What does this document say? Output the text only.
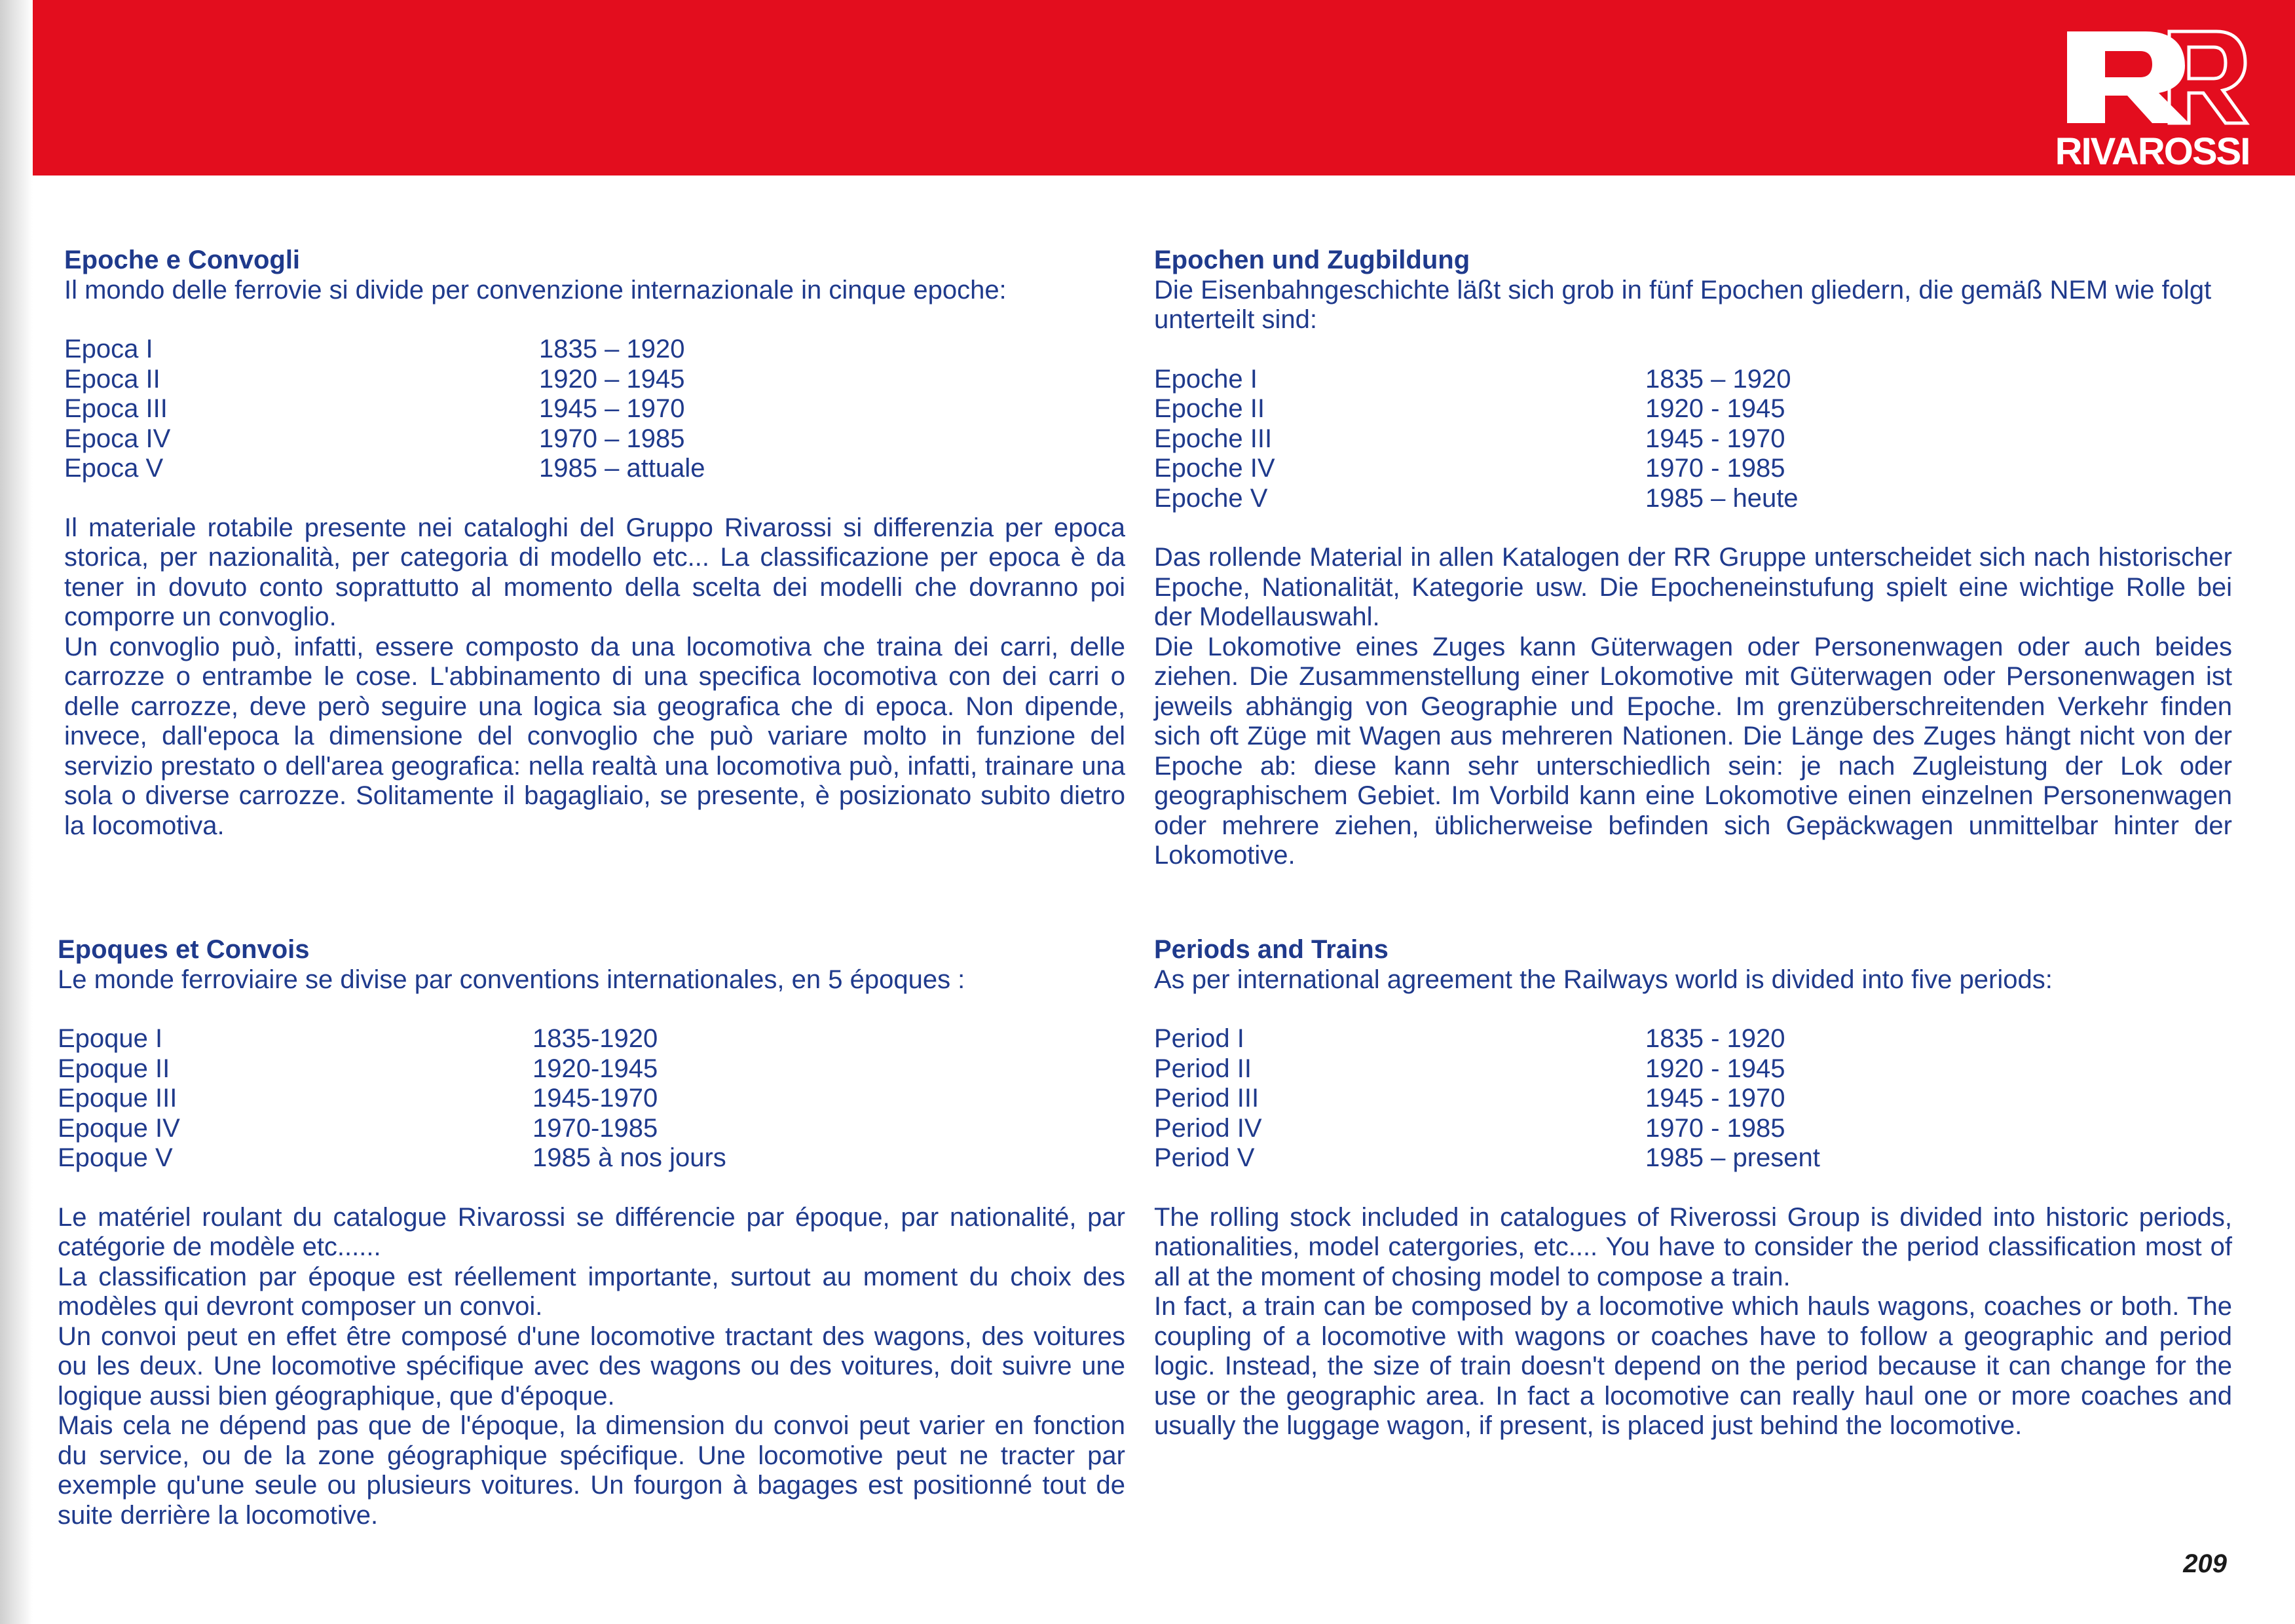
RIVAROSSI

Epoche e Convogli

Il mondo delle ferrovie si divide per convenzione internazionale in cinque epoche:

Epoca I	1835 – 1920
Epoca II	1920 – 1945
Epoca III	1945 – 1970
Epoca IV	1970 – 1985
Epoca V	1985 – attuale

Il materiale rotabile presente nei cataloghi del Gruppo Rivarossi si differenzia per epoca storica, per nazionalità, per categoria di modello etc... La classificazione per epoca è da tener in dovuto conto soprattutto al momento della scelta dei modelli che dovranno poi comporre un convoglio.

Un convoglio può, infatti, essere composto da una locomotiva che traina dei carri, delle carrozze o entrambe le cose. L'abbinamento di una specifica locomotiva con dei carri o delle carrozze, deve però seguire una logica sia geografica che di epoca. Non dipende, invece, dall'epoca la dimensione del convoglio che può variare molto in funzione del servizio prestato o dell'area geografica: nella realtà una locomotiva può, infatti, trainare una sola o diverse carrozze. Solitamente il bagagliaio, se presente, è posizionato subito dietro la locomotiva.

Epochen und Zugbildung

Die Eisenbahngeschichte läßt sich grob in fünf Epochen gliedern, die gemäß NEM wie folgt unterteilt sind:

Epoche I	1835 – 1920
Epoche II	1920 - 1945
Epoche III	1945 - 1970
Epoche IV	1970 - 1985
Epoche V	1985 – heute

Das rollende Material in allen Katalogen der RR Gruppe unterscheidet sich nach historischer Epoche, Nationalität, Kategorie usw. Die Epocheneinstufung spielt eine wichtige Rolle bei der Modellauswahl.

Die Lokomotive eines Zuges kann Güterwagen oder Personenwagen oder auch beides ziehen. Die Zusammenstellung einer Lokomotive mit Güterwagen oder Personenwagen ist jeweils abhängig von Geographie und Epoche. Im grenzüberschreitenden Verkehr finden sich oft Züge mit Wagen aus mehreren Nationen. Die Länge des Zuges hängt nicht von der Epoche ab: diese kann sehr unterschiedlich sein: je nach Zugleistung der Lok oder geographischem Gebiet. Im Vorbild kann eine Lokomotive einen einzelnen Personenwagen oder mehrere ziehen, üblicherweise befinden sich Gepäckwagen unmittelbar hinter der Lokomotive.

Epoques et Convois

Le monde ferroviaire se divise par conventions internationales, en 5 époques :

Epoque I	1835-1920
Epoque II	1920-1945
Epoque III	1945-1970
Epoque IV	1970-1985
Epoque V	1985 à nos jours

Le matériel roulant du catalogue Rivarossi se différencie par époque, par nationalité, par catégorie de modèle etc......

La classification par époque est réellement importante, surtout au moment du choix des modèles qui devront composer un convoi.

Un convoi peut en effet être composé d'une locomotive tractant des wagons, des voitures ou les deux. Une locomotive spécifique avec des wagons ou des voitures, doit suivre une logique aussi bien géographique, que d'époque.

Mais cela ne dépend pas que de l'époque, la dimension du convoi peut varier en fonction du service, ou de la zone géographique spécifique. Une locomotive peut ne tracter par exemple qu'une seule ou plusieurs voitures. Un fourgon à bagages est positionné tout de suite derrière la locomotive.

Periods and Trains

As per international agreement the Railways world is divided into five periods:

Period I	1835 - 1920
Period II	1920 - 1945
Period III	1945 - 1970
Period IV	1970 - 1985
Period V	1985 – present

The rolling stock included in catalogues of Riverossi Group is divided into historic periods, nationalities, model catergories, etc.... You have to consider the period classification most of all at the moment of chosing model to compose a train.

In fact, a train can be composed by a locomotive which hauls wagons, coaches or both. The coupling of a locomotive with wagons or coaches have to follow a geographic and period logic. Instead, the size of train doesn't depend on the period because it can change for the use or the geographic area. In fact a locomotive can really haul one or more coaches and usually the luggage wagon, if present, is placed just behind the locomotive.

209
